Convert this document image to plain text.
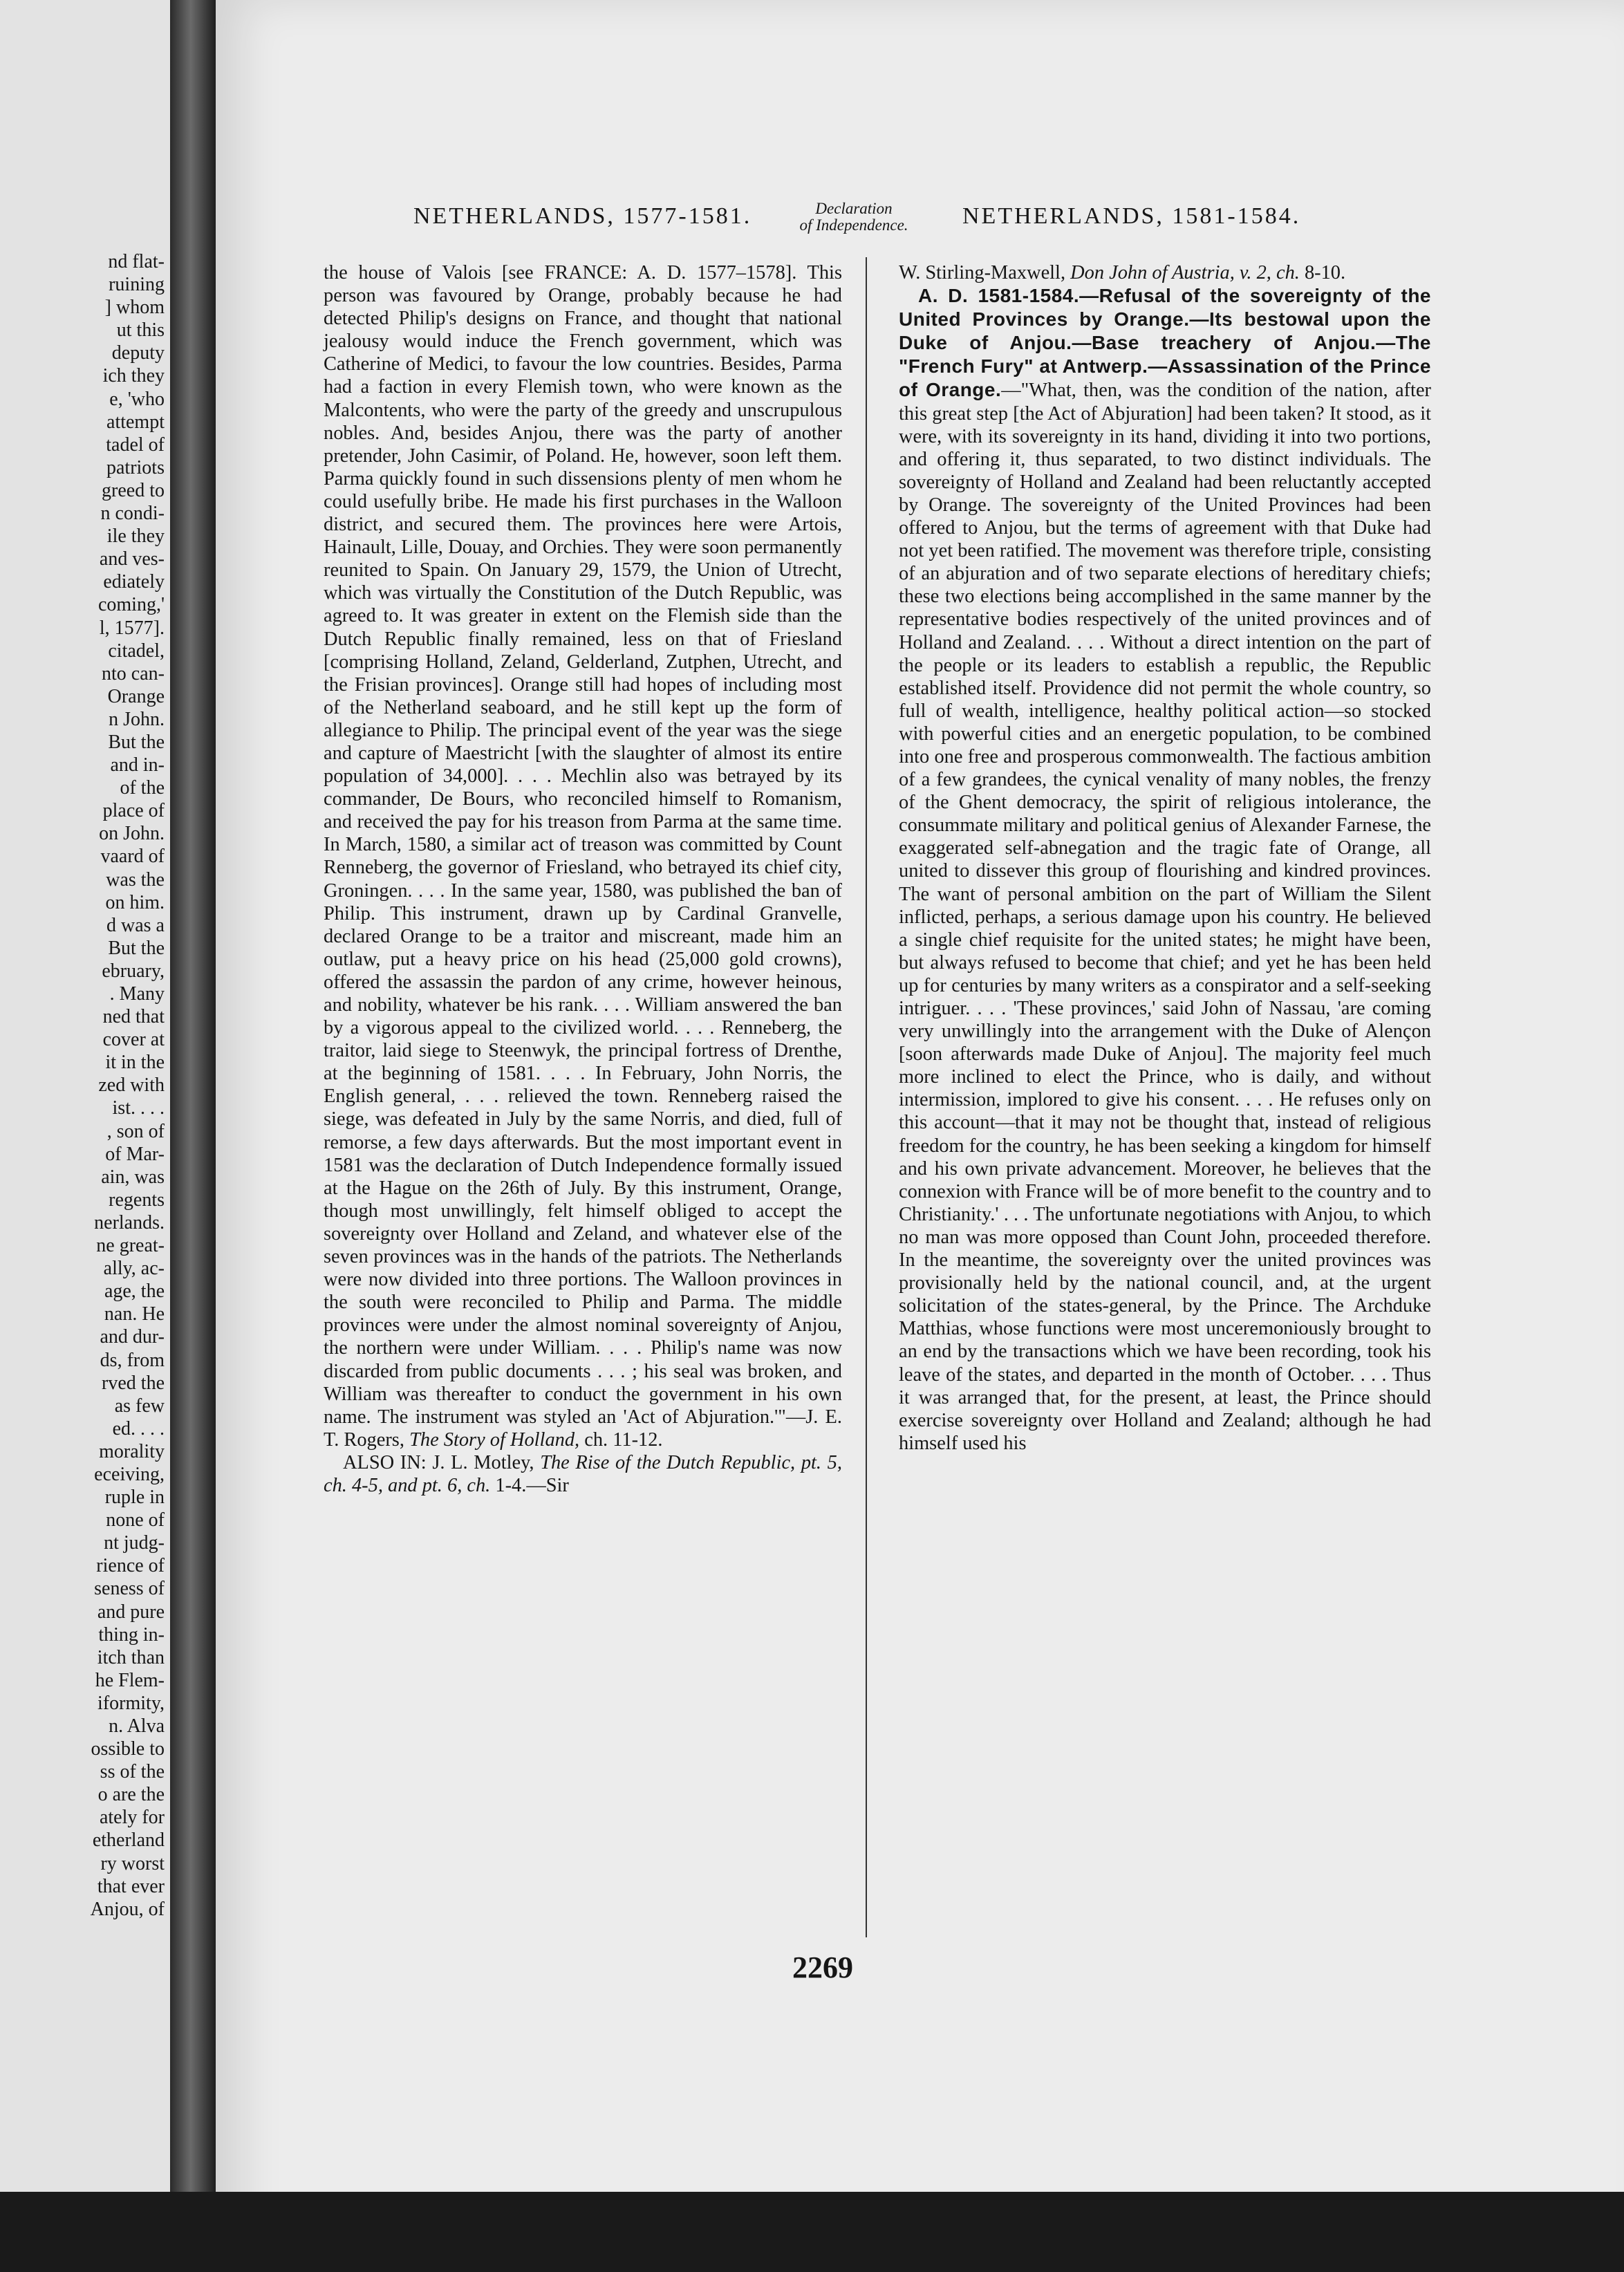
nd flat-
ruining
] whom
ut this
deputy
ich they
e, 'who
attempt
tadel of
patriots
greed to
n condi-
ile they
and ves-
ediately
coming,'
l, 1577].
citadel,
nto can-
Orange
n John.
But the
and in-
of the
place of
on John.
vaard of
was the
on him.
d was a
But the
ebruary,
. Many
ned that
cover at
it in the
zed with
ist. . . .
, son of
of Mar-
ain, was
regents
nerlands.
ne great-
ally, ac-
age, the
nan. He
and dur-
ds, from
rved the
as few
ed. . . .
morality
eceiving,
ruple in
none of
nt judg-
rience of
seness of
and pure
thing in-
itch than
he Flem-
iformity,
n. Alva
ossible to
ss of the
o are the
ately for
etherland
ry worst
that ever
Anjou, of
NETHERLANDS, 1577-1581.	Declaration
of Independence.	NETHERLANDS, 1581-1584.

the house of Valois [see FRANCE: A. D. 1577–1578]. This person was favoured by Orange, probably because he had detected Philip's designs on France, and thought that national jealousy would induce the French government, which was Catherine of Medici, to favour the low countries. Besides, Parma had a faction in every Flemish town, who were known as the Malcontents, who were the party of the greedy and unscrupulous nobles. And, besides Anjou, there was the party of another pretender, John Casimir, of Poland. He, however, soon left them. Parma quickly found in such dissensions plenty of men whom he could usefully bribe. He made his first purchases in the Walloon district, and secured them. The provinces here were Artois, Hainault, Lille, Douay, and Orchies. They were soon permanently reunited to Spain. On January 29, 1579, the Union of Utrecht, which was virtually the Constitution of the Dutch Republic, was agreed to. It was greater in extent on the Flemish side than the Dutch Republic finally remained, less on that of Friesland [comprising Holland, Zeland, Gelderland, Zutphen, Utrecht, and the Frisian provinces]. Orange still had hopes of including most of the Netherland seaboard, and he still kept up the form of allegiance to Philip. The principal event of the year was the siege and capture of Maestricht [with the slaughter of almost its entire population of 34,000]. . . . Mechlin also was betrayed by its commander, De Bours, who reconciled himself to Romanism, and received the pay for his treason from Parma at the same time. In March, 1580, a similar act of treason was committed by Count Renneberg, the governor of Friesland, who betrayed its chief city, Groningen. . . . In the same year, 1580, was published the ban of Philip. This instrument, drawn up by Cardinal Granvelle, declared Orange to be a traitor and miscreant, made him an outlaw, put a heavy price on his head (25,000 gold crowns), offered the assassin the pardon of any crime, however heinous, and nobility, whatever be his rank. . . . William answered the ban by a vigorous appeal to the civilized world. . . . Renneberg, the traitor, laid siege to Steenwyk, the principal fortress of Drenthe, at the beginning of 1581. . . . In February, John Norris, the English general, . . . relieved the town. Renneberg raised the siege, was defeated in July by the same Norris, and died, full of remorse, a few days afterwards. But the most important event in 1581 was the declaration of Dutch Independence formally issued at the Hague on the 26th of July. By this instrument, Orange, though most unwillingly, felt himself obliged to accept the sovereignty over Holland and Zeland, and whatever else of the seven provinces was in the hands of the patriots. The Netherlands were now divided into three portions. The Walloon provinces in the south were reconciled to Philip and Parma. The middle provinces were under the almost nominal sovereignty of Anjou, the northern were under William. . . . Philip's name was now discarded from public documents . . . ; his seal was broken, and William was thereafter to conduct the government in his own name. The instrument was styled an 'Act of Abjuration.'"—J. E. T. Rogers, The Story of Holland, ch. 11-12.

ALSO IN: J. L. Motley, The Rise of the Dutch Republic, pt. 5, ch. 4-5, and pt. 6, ch. 1-4.—Sir

W. Stirling-Maxwell, Don John of Austria, v. 2, ch. 8-10.

A. D. 1581-1584.—Refusal of the sovereignty of the United Provinces by Orange.—Its bestowal upon the Duke of Anjou.—Base treachery of Anjou.—The "French Fury" at Antwerp.—Assassination of the Prince of Orange.—"What, then, was the condition of the nation, after this great step [the Act of Abjuration] had been taken? It stood, as it were, with its sovereignty in its hand, dividing it into two portions, and offering it, thus separated, to two distinct individuals. The sovereignty of Holland and Zealand had been reluctantly accepted by Orange. The sovereignty of the United Provinces had been offered to Anjou, but the terms of agreement with that Duke had not yet been ratified. The movement was therefore triple, consisting of an abjuration and of two separate elections of hereditary chiefs; these two elections being accomplished in the same manner by the representative bodies respectively of the united provinces and of Holland and Zealand. . . . Without a direct intention on the part of the people or its leaders to establish a republic, the Republic established itself. Providence did not permit the whole country, so full of wealth, intelligence, healthy political action—so stocked with powerful cities and an energetic population, to be combined into one free and prosperous commonwealth. The factious ambition of a few grandees, the cynical venality of many nobles, the frenzy of the Ghent democracy, the spirit of religious intolerance, the consummate military and political genius of Alexander Farnese, the exaggerated self-abnegation and the tragic fate of Orange, all united to dissever this group of flourishing and kindred provinces. The want of personal ambition on the part of William the Silent inflicted, perhaps, a serious damage upon his country. He believed a single chief requisite for the united states; he might have been, but always refused to become that chief; and yet he has been held up for centuries by many writers as a conspirator and a self-seeking intriguer. . . . 'These provinces,' said John of Nassau, 'are coming very unwillingly into the arrangement with the Duke of Alençon [soon afterwards made Duke of Anjou]. The majority feel much more inclined to elect the Prince, who is daily, and without intermission, implored to give his consent. . . . He refuses only on this account—that it may not be thought that, instead of religious freedom for the country, he has been seeking a kingdom for himself and his own private advancement. Moreover, he believes that the connexion with France will be of more benefit to the country and to Christianity.' . . . The unfortunate negotiations with Anjou, to which no man was more opposed than Count John, proceeded therefore. In the meantime, the sovereignty over the united provinces was provisionally held by the national council, and, at the urgent solicitation of the states-general, by the Prince. The Archduke Matthias, whose functions were most unceremoniously brought to an end by the transactions which we have been recording, took his leave of the states, and departed in the month of October. . . . Thus it was arranged that, for the present, at least, the Prince should exercise sovereignty over Holland and Zealand; although he had himself used his

2269
